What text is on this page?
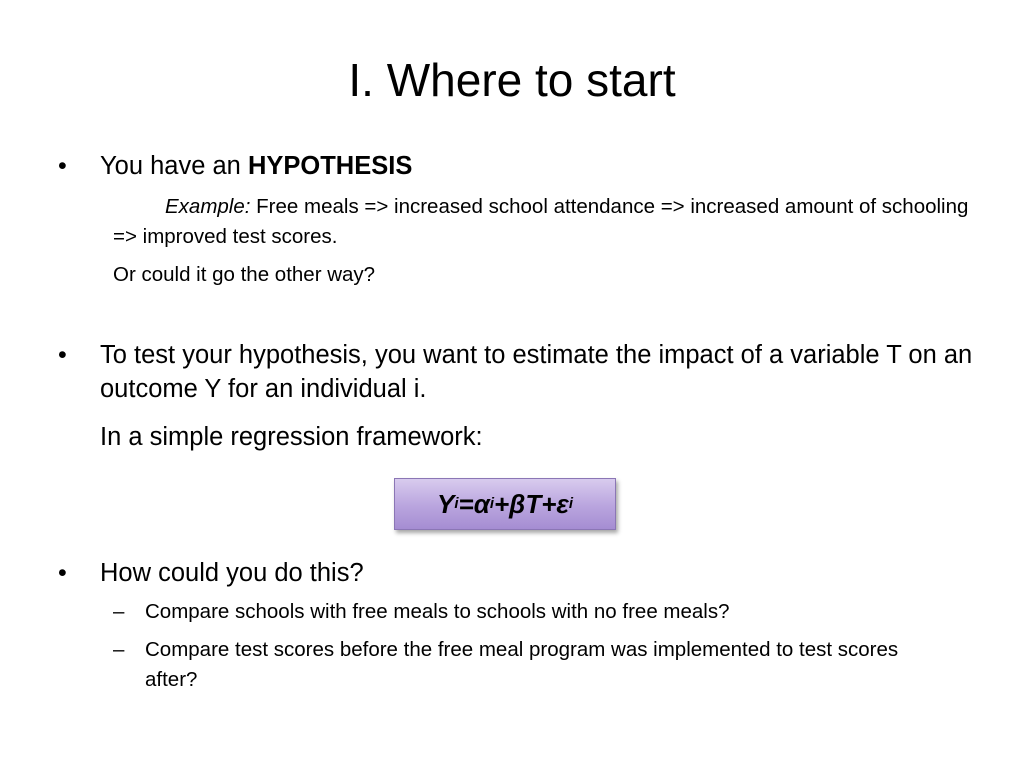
I. Where to start
• You have an HYPOTHESIS
Example: Free meals => increased school attendance => increased amount of schooling => improved test scores.
Or could it go the other way?
• To test your hypothesis, you want to estimate the impact of a variable T on an outcome Y for an individual i.
In a simple regression framework:
Y i =α i +βT+ε i
• How could you do this?
– Compare schools with free meals to schools with no free meals?
– Compare test scores before the free meal program was implemented to test scores after?
